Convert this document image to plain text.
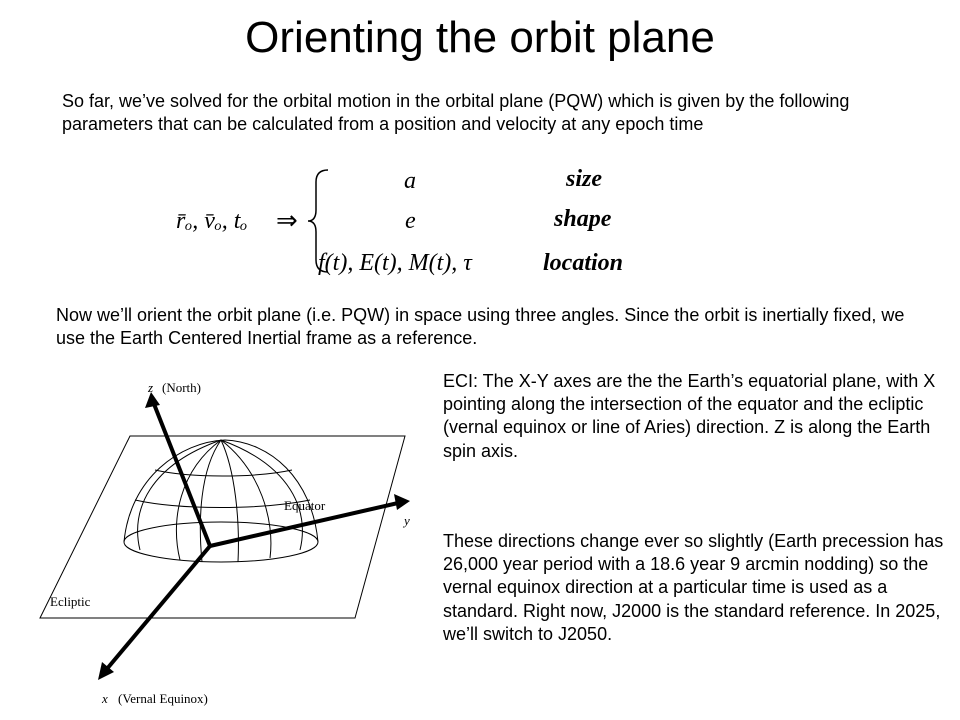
Orienting the orbit plane
So far, we’ve solved for the orbital motion in the orbital plane (PQW) which is given by the following parameters that can be calculated from a position and velocity at any epoch time
r̄ₒ, v̄ₒ, tₒ ⇒
a	size
e	shape
f(t), E(t), M(t), τ	location
Now we’ll orient the orbit plane (i.e. PQW) in space using three angles. Since the orbit is inertially fixed, we use the Earth Centered Inertial frame as a reference.
z (North)
y
Equator
Ecliptic
x (Vernal Equinox)
ECI: The X-Y axes are the the Earth’s equatorial plane, with X pointing along the intersection of the equator and the ecliptic (vernal equinox or line of Aries) direction. Z is along the Earth spin axis.
These directions change ever so slightly (Earth precession has 26,000 year period with a 18.6 year 9 arcmin nodding) so the vernal equinox direction at a particular time is used as a standard. Right now, J2000 is the standard reference. In 2025, we’ll switch to J2050.
